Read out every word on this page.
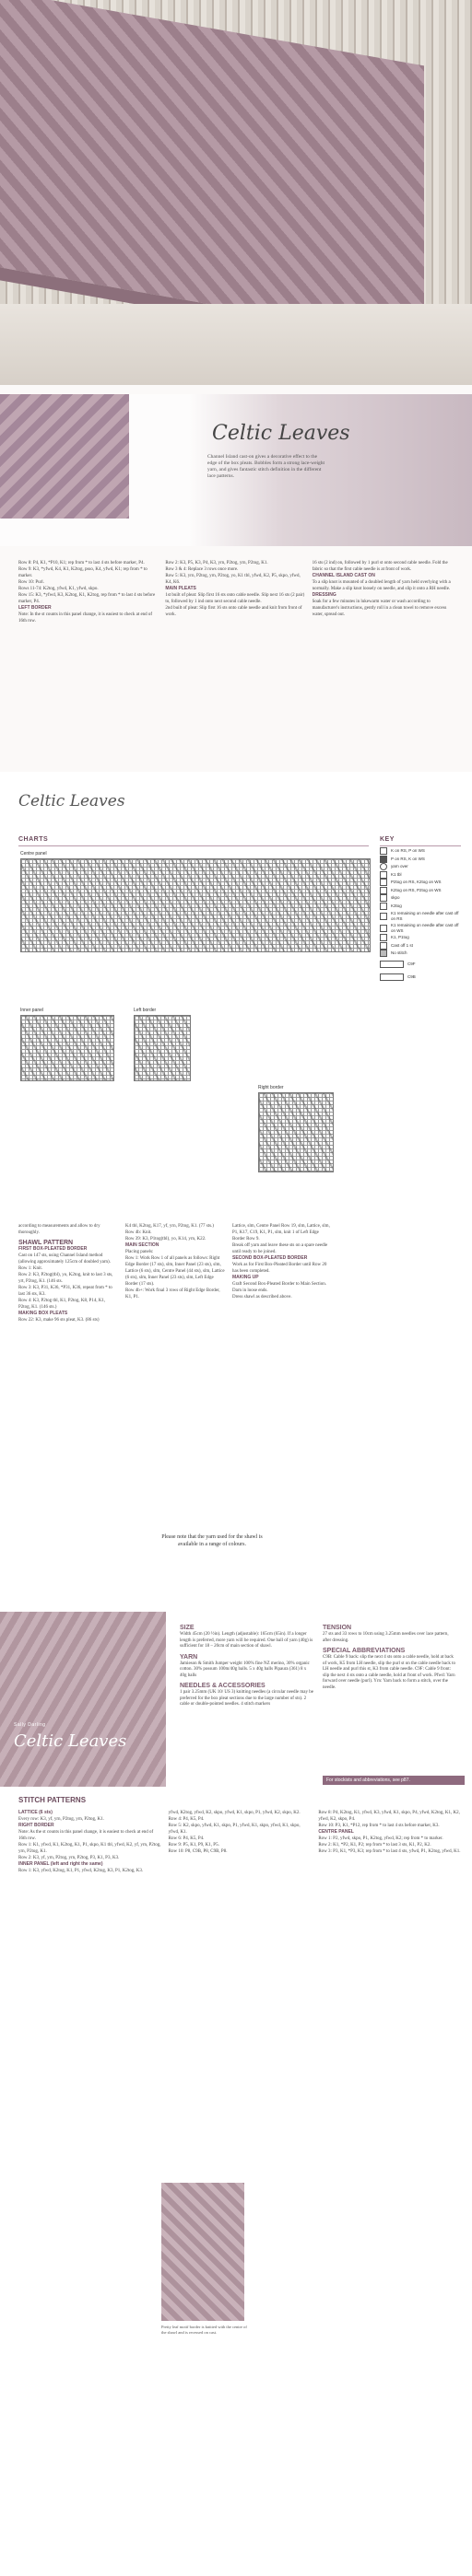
Celtic Leaves
Channel Island cast-on gives a decorative effect to the edge of the box pleats. Bobbles form a strong lace-weight yarn, and gives fantastic stitch definition in the different lace patterns.
Row 8: P4, K1, *P10, K1; rep from * to last 4 sts before marker, P4.
Row 9: K3, *yfwd, K4, K1, K2tog, psso, K4, yfwd, K1; rep from * to marker.
Row 10: Purl.
Rows 11-74: K2tog, yfwd, K1, yfwd, skpo.
Row 15: K3, *yfwd, K3, K2tog, K1, K2tog, rep from * to last 4 sts before marker, P4.
LEFT BORDER
Note: In the st counts in this panel change, it is easiest to check at end of 16th row.
Row 2: K3, P5, K3, P4, K3, yrn, P2tog, yrn, P2tog, K1.
Row 3 & 4: Replace 3 rows once more.
Row 5: K3, yrn, P2tog, yrn, P2tog, yo, K1 tbl, yfwd, K2, P5, skpo, yfwd, K4, K6.
MAIN PLEATS
1st built of pleat: Slip first 16 sts onto cable needle. Slip next 16 sts (2 pair) to, followed by 1 ind onto next second cable needle.
2nd built of pleat: Slip first 16 sts onto cable needle and knit from front of work.
16 sts (2 ind) on, followed by 1 purl st onto second cable needle. Fold the fabric so that the first cable needle is at front of work.
CHANNEL ISLAND CAST ON
To a slip knot is mounted of a doubled length of yarn held overlying with a normally. Make a slip knot loosely on needle, and slip it onto a RH needle.
DRESSING
Soak for a few minutes in lukewarm water or wash according to manufacturer's instructions, gently roll in a clean towel to remove excess water, spread out.
Celtic Leaves
CHARTS	KEY
Centre panel
Inner panel	Left border
Right border
K on RS, P on WS
P on RS, K on WS
yarn over
K1 tbl
P2tog on RS, K2tog on WS
K2tog on RS, P2tog on WS
skpo
K3tog
K1 remaining on needle after cast off on RS
K1 remaining on needle after cast off on WS
K1, P1tog
Cast off 1 st
No stitch
C9F
C9B
according to measurements and allow to dry thoroughly.
SHAWL PATTERN
FIRST BOX-PLEATED BORDER
Cast on 147 sts, using Channel Island method (allowing approximately 125cm of doubled yarn).
Row 1: Knit.
Row 2: K3, P2tog(tbl), yo, K2tog, knit to last 3 sts, yrt, P2tog, K1. (146 sts.
Row 3: K3, P31, K36, *P31, K36, repeat from * to last 36 sts, K3.
Row 4: K3, P2tog tbl, K1, P2tog, K8, P14, K1, P2tog, K1. (146 sts.)
MAKING BOX PLEATS
Row 22: K3, make 96 sts pleat, K3. (86 sts)
K4 tbl, K2tog, K17, yf, yrn, P2tog, K1. (77 sts.)
Row 4b: Knit.
Row 39: K3, P1tog(tbl), yo, K14, yrn, K22.
MAIN SECTION
Placing panels:
Row 1: Work Row 1 of all panels as follows: Right Edge Border (17 sts), slm, Inner Panel (23 sts), slm, Lattice (6 sts), slm, Centre Panel (44 sts), slm, Lattice (6 sts), slm, Inner Panel (23 sts), slm, Left Edge Border (17 sts).
Row 4b+: Work final 3 rows of Right Edge Border, K1, P1.
Lattice, slm, Centre Panel Row 19, slm, Lattice, slm, P1, K17, C19, K1, P1, slm, knit 1 of Left Edge Border Row 9.
Break off yarn and leave these sts on a spare needle until ready to be joined.
SECOND BOX-PLEATED BORDER
Work as for First Box-Pleated Border until Row 20 has been completed.
MAKING UP
Graft Second Box-Pleated Border to Main Section.
Darn in loose ends.
Dress shawl as described above.
Please note that the yarn used for the shawl is available in a range of colours.
Sally Darling
Celtic Leaves
SIZE
Width 45cm (20 ½in). Length (adjustable): 165cm (65in). If a longer length is preferred, more yarn will be required. One ball of yarn (40g) is sufficient for 18 – 20cm of main section of shawl.
YARN
Jamieson & Smith Jumper weight 100% fine NZ merino, 30% organic cotton. 30% possum 100m/40g balls. 5 x 40g balls Pipaura (361) 8 x 40g balls
NEEDLES & ACCESSORIES
1 pair 3.25mm (UK 10/ US 3) knitting needles (a circular needle may be preferred for the box pleat sections due to the large number of sts). 2 cable or double-pointed needles. 4 stitch markers
TENSION
27 sts and 33 rows to 10cm using 3.25mm needles over lace pattern, after dressing.
SPECIAL ABBREVIATIONS
C9B: Cable 9 back: slip the next 4 sts onto a cable needle, hold at back of work, K5 from LH needle, slip the purl st on the cable needle back to LH needle and purl this st, K3 from cable needle. C9F: Cable 9 front: slip the next 4 sts onto a cable needle, hold at front of work. Pfwd: Yarn forward over needle (purl). Yrn: Yarn back to form a stitch, over the needle.
For stockists and abbreviations, see p87.
STITCH PATTERNS
LATTICE (6 sts)
Every row: K3, yf, yrn, P2tog, yrn, P2tog, K1.
RIGHT BORDER
Note: As the st counts in this panel change, it is easiest to check at end of 16th row.
Row 1: K1, yfwd, K1, K2tog, K1, P1, skpo, K1 tbl, yfwd, K2, yf, yrn, P2tog, yrn, P2tog, K1.
Row 2: K3, yf, yrn, P2tog, yrn, P2tog, P3, K1, P3, K3.
INNER PANEL (left and right the same)
Row 1: K3, yfwd, K2tog, K1, P1, yfwd, K2tog, K3, P1, K2tog, K3.
yfwd, K2tog, yfwd, K2, skpo, yfwd, K1, skpo, P1, yfwd, K2, skpo, K2.
Row 4: P4, K5, P4.
Row 5: K2, skpo, yfwd, K1, skpo, P1, yfwd, K1, skpo, yfwd, K1, skpo, yfwd, K1.
Row 6: P4, K5, P4.
Row 9: P5, K1, P9, K1, P5.
Row 10: P8, C9B, P8, C9B, P8.
Row 8: P4, K2tog, K1, yfwd, K3, yfwd, K1, skpo, P4, yfwd, K2tog, K1, K2, yfwd, K2, skpo, P4.
Row 10: P3, K1, *P12, rep from * to last 4 sts before marker, K3.
CENTRE PANEL
Row 1: P2, yfwd, skpo, P1, K2tog, yfwd, K2; rep from * to marker.
Row 2: K1, *P2, K1, P2; rep from * to last 3 sts, K1, P2, K2.
Row 3: P3, K1, *P3, K3; rep from * to last 4 sts, yfwd, P1, K2tog, yfwd, K1.
Pretty leaf motif border is knitted with the centre of the shawl and is recessed on cast.
